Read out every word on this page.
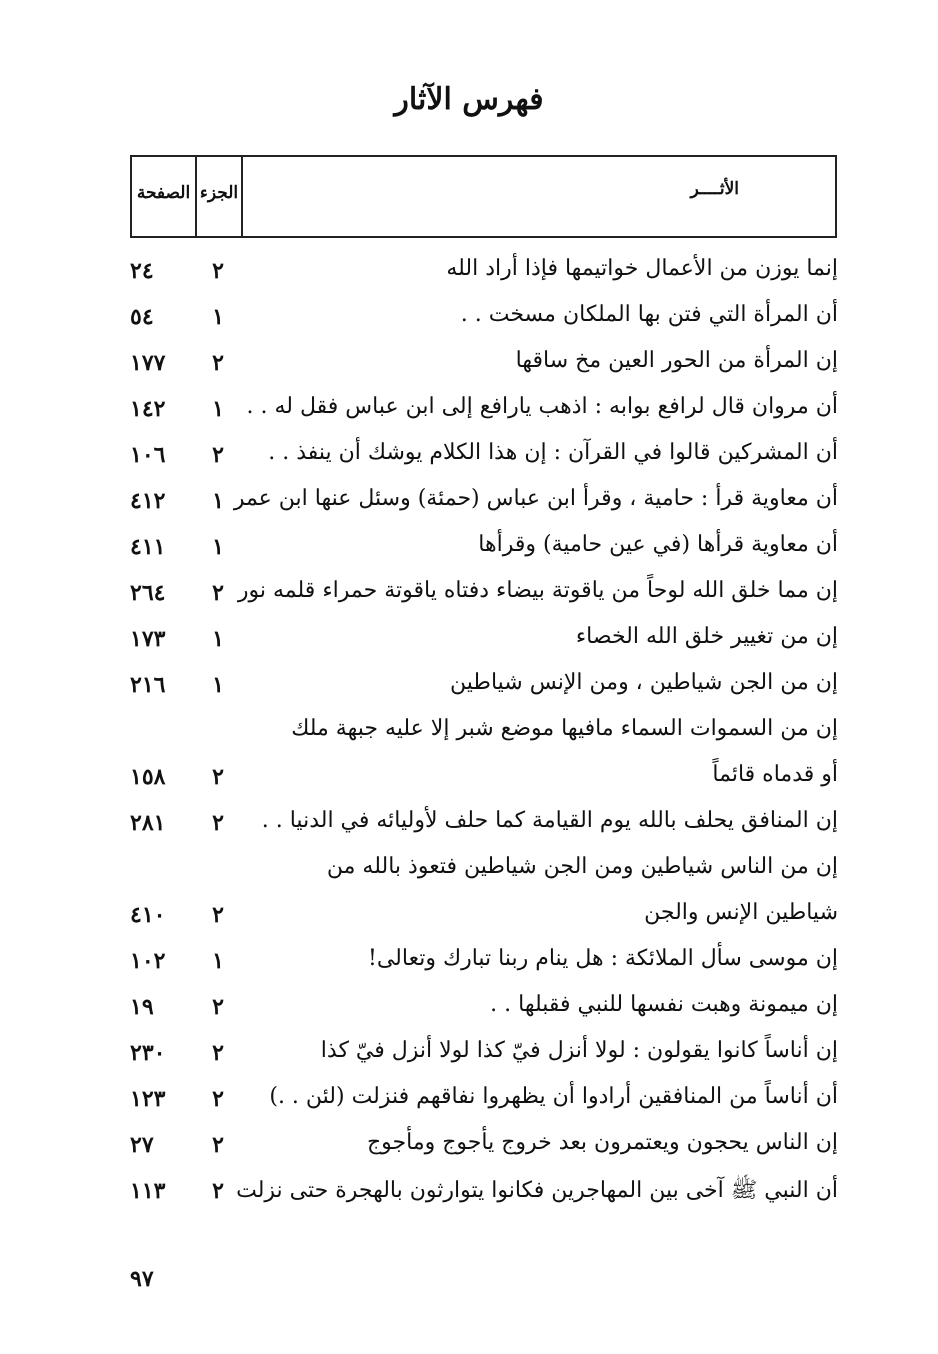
فهرس الآثار
الأثــــر
الجزء
الصفحة
إنما يوزن من الأعمال خواتيمها فإذا أراد الله
٢
٢٤
أن المرأة التي فتن بها الملكان مسخت . .
١
٥٤
إن المرأة من الحور العين مخ ساقها
٢
١٧٧
أن مروان قال لرافع بوابه : اذهب يارافع إلى ابن عباس فقل له . .
١
١٤٢
أن المشركين قالوا في القرآن : إن هذا الكلام يوشك أن ينفذ . .
٢
١٠٦
أن معاوية قرأ : حامية ، وقرأ ابن عباس (حمئة) وسئل عنها ابن عمر
١
٤١٢
أن معاوية قرأها (في عين حامية) وقرأها
١
٤١١
إن مما خلق الله لوحاً من ياقوتة بيضاء دفتاه ياقوتة حمراء قلمه نور
٢
٢٦٤
إن من تغيير خلق الله الخصاء
١
١٧٣
إن من الجن شياطين ، ومن الإنس شياطين
١
٢١٦
إن من السموات السماء مافيها موضع شبر إلا عليه جبهة ملك
أو قدماه قائماً
٢
١٥٨
إن المنافق يحلف بالله يوم القيامة كما حلف لأوليائه في الدنيا . .
٢
٢٨١
إن من الناس شياطين ومن الجن شياطين فتعوذ بالله من
شياطين الإنس والجن
٢
٤١٠
إن موسى سأل الملائكة : هل ينام ربنا تبارك وتعالى!
١
١٠٢
إن ميمونة وهبت نفسها للنبي فقبلها . .
٢
١٩
إن أناساً كانوا يقولون : لولا أنزل فيّ كذا لولا أنزل فيّ كذا
٢
٢٣٠
أن أناساً من المنافقين أرادوا أن يظهروا نفاقهم فنزلت (لئن . .)
٢
١٢٣
إن الناس يحجون ويعتمرون بعد خروج يأجوج ومأجوج
٢
٢٧
أن النبي ﷺ آخى بين المهاجرين فكانوا يتوارثون بالهجرة حتى نزلت
٢
١١٣
٩٧
